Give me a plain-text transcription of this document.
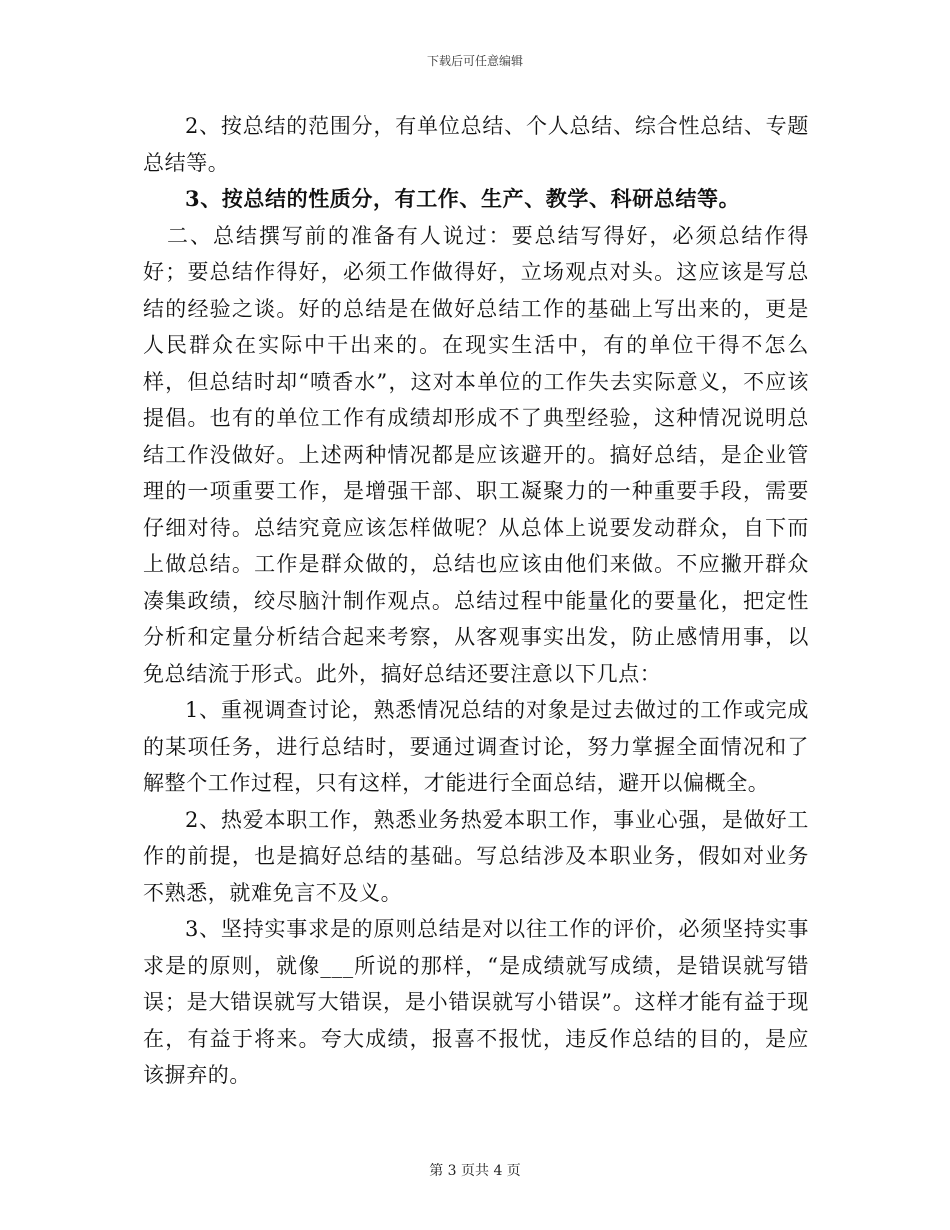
下载后可任意编辑

2、按总结的范围分，有单位总结、个人总结、综合性总结、专题总结等。

3、按总结的性质分，有工作、生产、教学、科研总结等。

二、总结撰写前的准备有人说过：要总结写得好，必须总结作得好；要总结作得好，必须工作做得好，立场观点对头。这应该是写总结的经验之谈。好的总结是在做好总结工作的基础上写出来的，更是人民群众在实际中干出来的。在现实生活中，有的单位干得不怎么样，但总结时却“喷香水”，这对本单位的工作失去实际意义，不应该提倡。也有的单位工作有成绩却形成不了典型经验，这种情况说明总结工作没做好。上述两种情况都是应该避开的。搞好总结，是企业管理的一项重要工作，是增强干部、职工凝聚力的一种重要手段，需要仔细对待。总结究竟应该怎样做呢？从总体上说要发动群众，自下而上做总结。工作是群众做的，总结也应该由他们来做。不应撇开群众凑集政绩，绞尽脑汁制作观点。总结过程中能量化的要量化，把定性分析和定量分析结合起来考察，从客观事实出发，防止感情用事，以免总结流于形式。此外，搞好总结还要注意以下几点：

1、重视调查讨论，熟悉情况总结的对象是过去做过的工作或完成的某项任务，进行总结时，要通过调查讨论，努力掌握全面情况和了解整个工作过程，只有这样，才能进行全面总结，避开以偏概全。

2、热爱本职工作，熟悉业务热爱本职工作，事业心强，是做好工作的前提，也是搞好总结的基础。写总结涉及本职业务，假如对业务不熟悉，就难免言不及义。

3、坚持实事求是的原则总结是对以往工作的评价，必须坚持实事求是的原则，就像___所说的那样，“是成绩就写成绩，是错误就写错误；是大错误就写大错误，是小错误就写小错误”。这样才能有益于现在，有益于将来。夸大成绩，报喜不报忧，违反作总结的目的，是应该摒弃的。

第 3 页共 4 页
